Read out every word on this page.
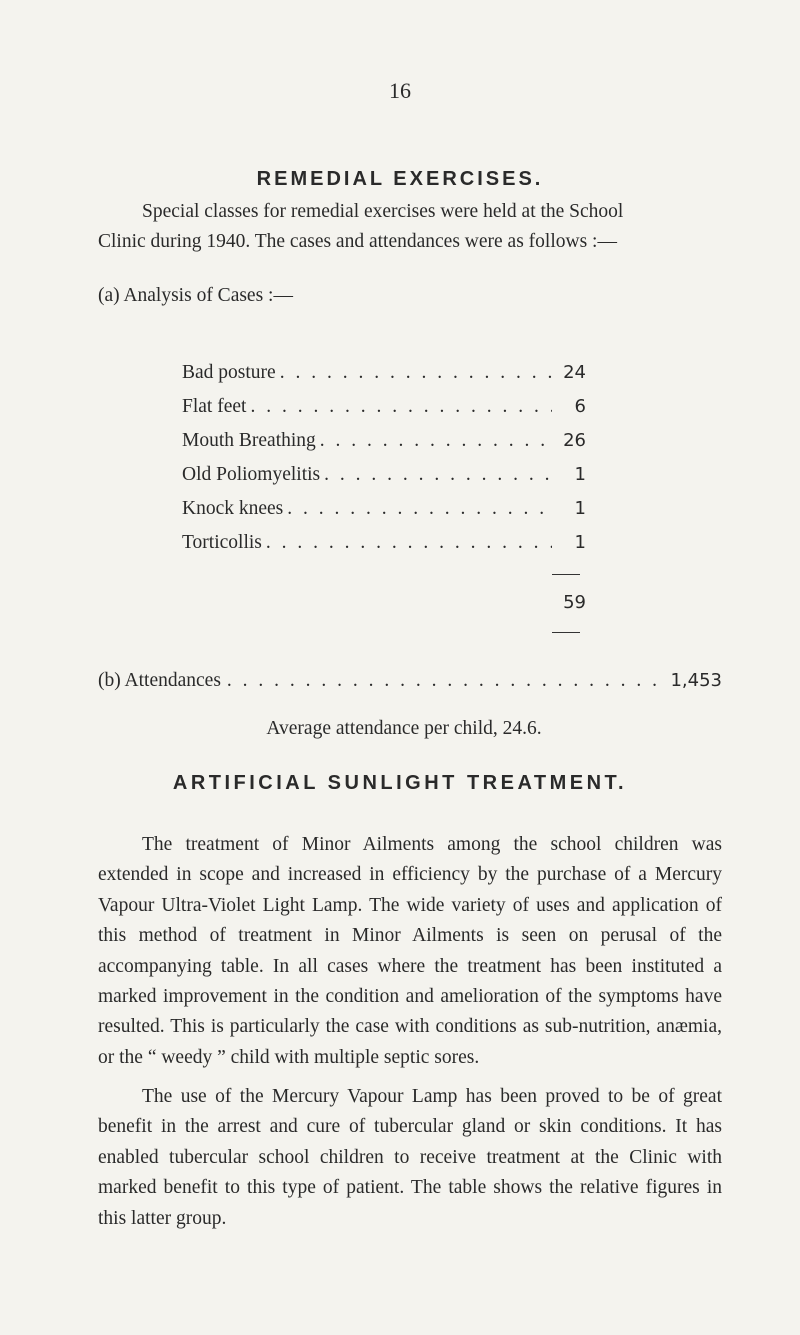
16
REMEDIAL EXERCISES.
Special classes for remedial exercises were held at the School
Clinic during 1940. The cases and attendances were as follows :—
(a) Analysis of Cases :—
Bad posture . . .	24
Flat feet . . .	6
Mouth Breathing . . .	26
Old Poliomyelitis . . .	1
Knock knees . . .	1
Torticollis . . .	1
59
(b) Attendances . . .	1,453
Average attendance per child, 24.6.
ARTIFICIAL SUNLIGHT TREATMENT.
The treatment of Minor Ailments among the school children was extended in scope and increased in efficiency by the purchase of a Mercury Vapour Ultra-Violet Light Lamp. The wide variety of uses and application of this method of treatment in Minor Ailments is seen on perusal of the accompanying table. In all cases where the treatment has been instituted a marked improvement in the condition and amelioration of the symptoms have resulted. This is particularly the case with conditions as sub-nutrition, anæmia, or the “ weedy ” child with multiple septic sores.
The use of the Mercury Vapour Lamp has been proved to be of great benefit in the arrest and cure of tubercular gland or skin conditions. It has enabled tubercular school children to receive treatment at the Clinic with marked benefit to this type of patient. The table shows the relative figures in this latter group.
